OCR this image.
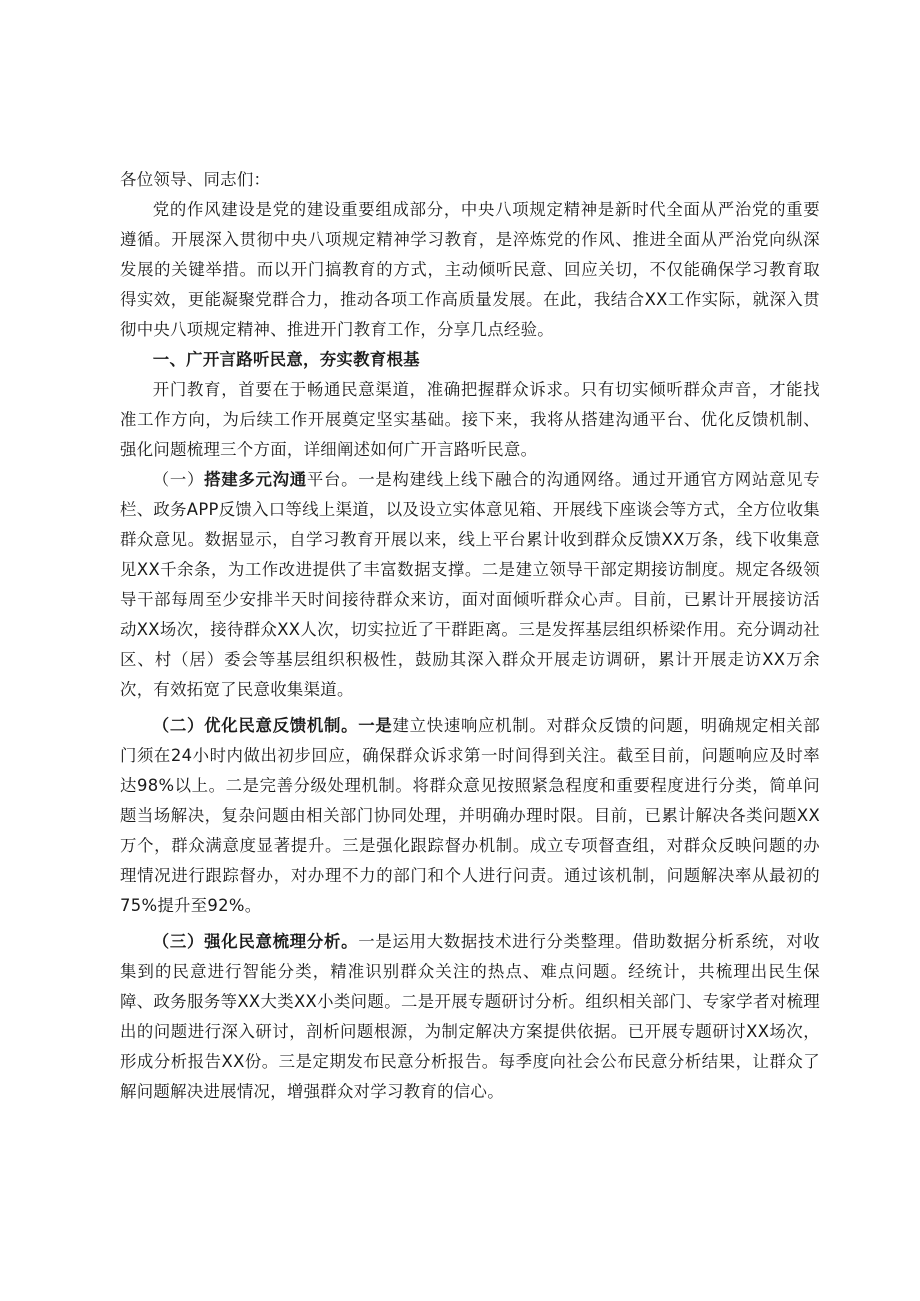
各位领导、同志们：

党的作风建设是党的建设重要组成部分，中央八项规定精神是新时代全面从严治党的重要遵循。开展深入贯彻中央八项规定精神学习教育，是淬炼党的作风、推进全面从严治党向纵深发展的关键举措。而以开门搞教育的方式，主动倾听民意、回应关切，不仅能确保学习教育取得实效，更能凝聚党群合力，推动各项工作高质量发展。在此，我结合XX工作实际，就深入贯彻中央八项规定精神、推进开门教育工作，分享几点经验。

一、广开言路听民意，夯实教育根基

开门教育，首要在于畅通民意渠道，准确把握群众诉求。只有切实倾听群众声音，才能找准工作方向，为后续工作开展奠定坚实基础。接下来，我将从搭建沟通平台、优化反馈机制、强化问题梳理三个方面，详细阐述如何广开言路听民意。

（一）搭建多元沟通平台。一是构建线上线下融合的沟通网络。通过开通官方网站意见专栏、政务APP反馈入口等线上渠道，以及设立实体意见箱、开展线下座谈会等方式，全方位收集群众意见。数据显示，自学习教育开展以来，线上平台累计收到群众反馈XX万条，线下收集意见XX千余条，为工作改进提供了丰富数据支撑。二是建立领导干部定期接访制度。规定各级领导干部每周至少安排半天时间接待群众来访，面对面倾听群众心声。目前，已累计开展接访活动XX场次，接待群众XX人次，切实拉近了干群距离。三是发挥基层组织桥梁作用。充分调动社区、村（居）委会等基层组织积极性，鼓励其深入群众开展走访调研，累计开展走访XX万余次，有效拓宽了民意收集渠道。

（二）优化民意反馈机制。一是建立快速响应机制。对群众反馈的问题，明确规定相关部门须在24小时内做出初步回应，确保群众诉求第一时间得到关注。截至目前，问题响应及时率达98%以上。二是完善分级处理机制。将群众意见按照紧急程度和重要程度进行分类，简单问题当场解决，复杂问题由相关部门协同处理，并明确办理时限。目前，已累计解决各类问题XX万个，群众满意度显著提升。三是强化跟踪督办机制。成立专项督查组，对群众反映问题的办理情况进行跟踪督办，对办理不力的部门和个人进行问责。通过该机制，问题解决率从最初的75%提升至92%。

（三）强化民意梳理分析。一是运用大数据技术进行分类整理。借助数据分析系统，对收集到的民意进行智能分类，精准识别群众关注的热点、难点问题。经统计，共梳理出民生保障、政务服务等XX大类XX小类问题。二是开展专题研讨分析。组织相关部门、专家学者对梳理出的问题进行深入研讨，剖析问题根源，为制定解决方案提供依据。已开展专题研讨XX场次，形成分析报告XX份。三是定期发布民意分析报告。每季度向社会公布民意分析结果，让群众了解问题解决进展情况，增强群众对学习教育的信心。
